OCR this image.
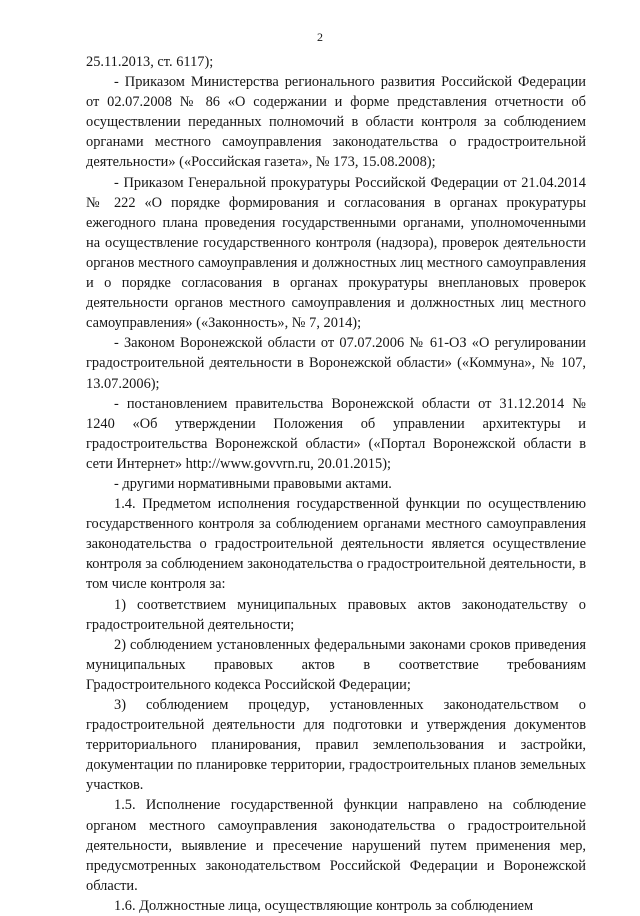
2

25.11.2013, ст. 6117);

- Приказом Министерства регионального развития Российской Федерации от 02.07.2008 № 86 «О содержании и форме представления отчетности об осуществлении переданных полномочий в области контроля за соблюдением органами местного самоуправления законодательства о градостроительной деятельности» («Российская газета», № 173, 15.08.2008);

- Приказом Генеральной прокуратуры Российской Федерации от 21.04.2014 № 222 «О порядке формирования и согласования в органах прокуратуры ежегодного плана проведения государственными органами, уполномоченными на осуществление государственного контроля (надзора), проверок деятельности органов местного самоуправления и должностных лиц местного самоуправления и о порядке согласования в органах прокуратуры внеплановых проверок деятельности органов местного самоуправления и должностных лиц местного самоуправления» («Законность», № 7, 2014);

- Законом Воронежской области от 07.07.2006 № 61-ОЗ «О регулировании градостроительной деятельности в Воронежской области» («Коммуна», № 107, 13.07.2006);

- постановлением правительства Воронежской области от 31.12.2014 № 1240 «Об утверждении Положения об управлении архитектуры и градостроительства Воронежской области» («Портал Воронежской области в сети Интернет» http://www.govvrn.ru, 20.01.2015);

- другими нормативными правовыми актами.

1.4. Предметом исполнения государственной функции по осуществлению государственного контроля за соблюдением органами местного самоуправления законодательства о градостроительной деятельности является осуществление контроля за соблюдением законодательства о градостроительной деятельности, в том числе контроля за:

1) соответствием муниципальных правовых актов законодательству о градостроительной деятельности;

2) соблюдением установленных федеральными законами сроков приведения муниципальных правовых актов в соответствие требованиям Градостроительного кодекса Российской Федерации;

3) соблюдением процедур, установленных законодательством о градостроительной деятельности для подготовки и утверждения документов территориального планирования, правил землепользования и застройки, документации по планировке территории, градостроительных планов земельных участков.

1.5. Исполнение государственной функции направлено на соблюдение органом местного самоуправления законодательства о градостроительной деятельности, выявление и пресечение нарушений путем применения мер, предусмотренных законодательством Российской Федерации и Воронежской области.

1.6. Должностные лица, осуществляющие контроль за соблюдением
